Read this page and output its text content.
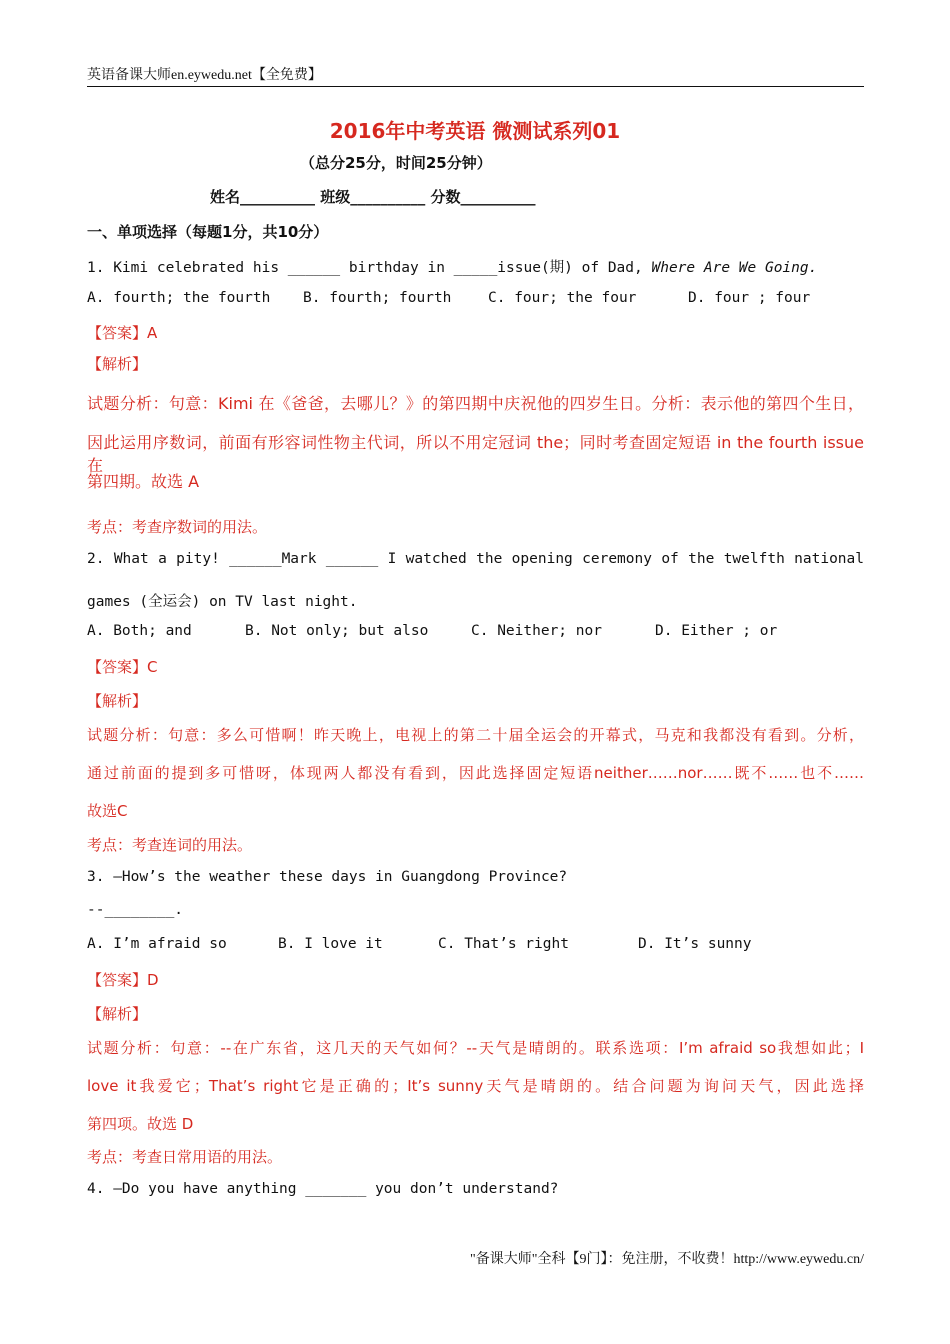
英语备课大师en.eywedu.net【全免费】
2016年中考英语 微测试系列01
（总分25分，时间25分钟）
姓名__________ 班级__________ 分数__________
一、单项选择（每题1分，共10分）
1. Kimi celebrated his ______ birthday in _____issue(期) of Dad, Where Are We Going.
A. fourth; the fourth B. fourth; fourth	C. four; the four	D. four ; four
【答案】A
【解析】
试题分析：句意：Kimi 在《爸爸，去哪儿？》的第四期中庆祝他的四岁生日。分析：表示他的第四个生日，
因此运用序数词，前面有形容词性物主代词，所以不用定冠词 the；同时考查固定短语 in the fourth issue 在
第四期。故选 A
考点：考查序数词的用法。
2. What a pity! ______Mark ______ I watched the opening ceremony of the twelfth national
games (全运会) on TV last night.
A. Both; and	B. Not only; but also	C. Neither; nor	D. Either ; or
【答案】C
【解析】
试题分析：句意：多么可惜啊！昨天晚上，电视上的第二十届全运会的开幕式，马克和我都没有看到。分析，
通过前面的提到多可惜呀，体现两人都没有看到，因此选择固定短语neither……nor……既不……也不……
故选C
考点：考查连词的用法。
3. —How’s the weather these days in Guangdong Province?
--________.
A. I’m afraid so	B. I love it	C. That’s right	D. It’s sunny
【答案】D
【解析】
试题分析：句意：--在广东省，这几天的天气如何？--天气是晴朗的。联系选项：I’m afraid so我想如此；I
love it我爱它；That’s right它是正确的；It’s sunny天气是晴朗的。结合问题为询问天气，因此选择
第四项。故选 D
考点：考查日常用语的用法。
4. —Do you have anything _______ you don’t understand?
"备课大师"全科【9门】：免注册，不收费！http://www.eywedu.cn/
